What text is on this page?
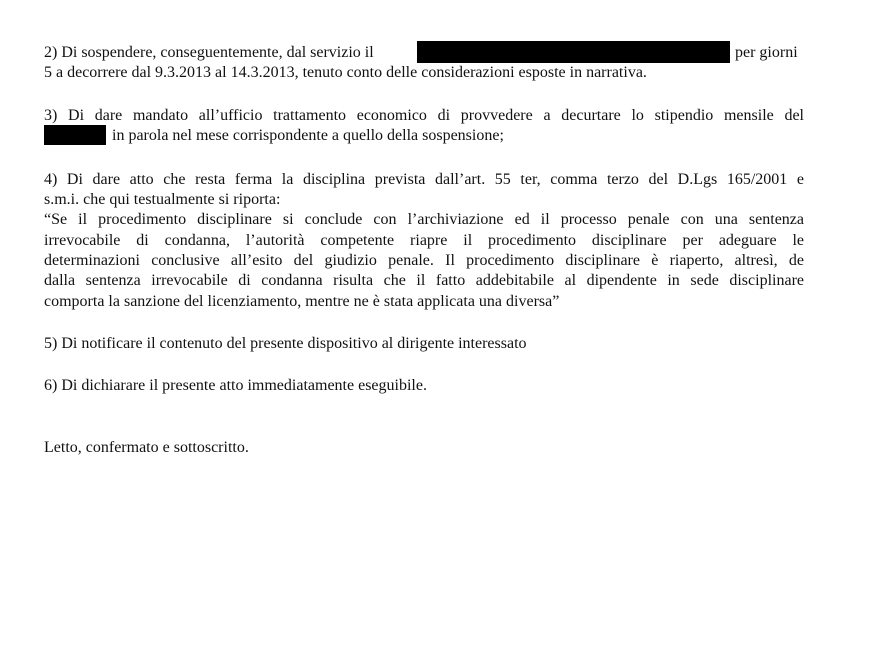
2) Di sospendere, conseguentemente, dal servizio il	per giorni

5 a decorrere dal 9.3.2013 al 14.3.2013, tenuto conto delle considerazioni esposte in narrativa.

3) Di dare mandato all’ufficio trattamento economico di provvedere a decurtare lo stipendio mensile del

in parola nel mese corrispondente a quello della sospensione;

4) Di dare atto che resta ferma la disciplina prevista dall’art. 55 ter, comma terzo del D.Lgs 165/2001 e

s.m.i. che qui testualmente si riporta:

“Se il procedimento disciplinare si conclude con l’archiviazione ed il processo penale con una sentenza

irrevocabile di condanna, l’autorità competente riapre il procedimento disciplinare per adeguare le

determinazioni conclusive all’esito del giudizio penale. Il procedimento disciplinare è riaperto, altresì, de

dalla sentenza irrevocabile di condanna risulta che il fatto addebitabile al dipendente in sede disciplinare

comporta la sanzione del licenziamento, mentre ne è stata applicata una diversa”

5) Di notificare il contenuto del presente dispositivo al dirigente interessato

6) Di dichiarare il presente atto immediatamente eseguibile.

Letto, confermato e sottoscritto.
